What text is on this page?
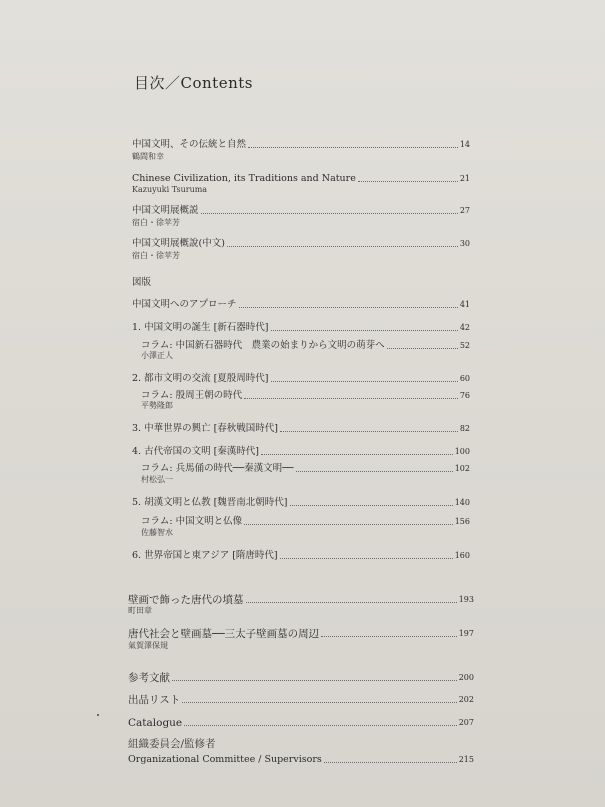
目次／Contents
中国文明、その伝統と自然	14
鶴間和幸
Chinese Civilization, its Traditions and Nature	21
Kazuyuki Tsuruma
中国文明展概説	27
宿白・徐苹芳
中国文明展概說(中文)	30
宿白・徐苹芳
図版
中国文明へのアプローチ	41
1. 中国文明の誕生 [新石器時代]	42
コラム: 中国新石器時代　農業の始まりから文明の萌芽へ	52
小澤正人
2. 都市文明の交流 [夏殷周時代]	60
コラム: 殷周王朝の時代	76
平勢隆郎
3. 中華世界の興亡 [春秋戦国時代]	82
4. 古代帝国の文明 [秦漢時代]	100
コラム: 兵馬俑の時代──秦漢文明──	102
村松弘一
5. 胡漢文明と仏教 [魏晋南北朝時代]	140
コラム: 中国文明と仏像	156
佐藤智水
6. 世界帝国と東アジア [隋唐時代]	160
壁画で飾った唐代の墳墓	193
町田章
唐代社会と壁画墓──三太子壁画墓の周辺	197
氣賀澤保規
参考文献	200
出品リスト	202
Catalogue	207
組織委員会/監修者
Organizational Committee / Supervisors	215
